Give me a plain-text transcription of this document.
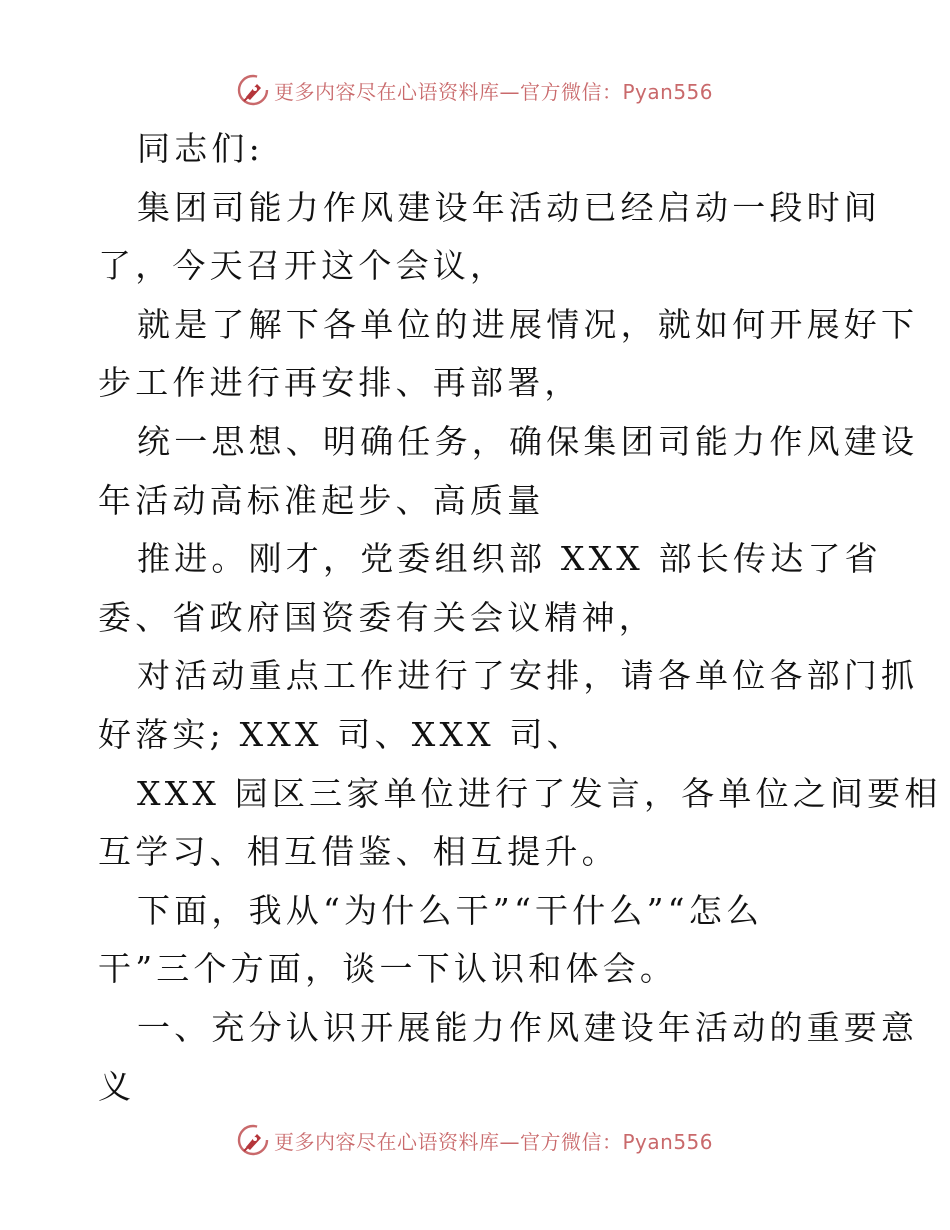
更多内容尽在心语资料库—官方微信：Pyan556
同志们:
集团司能力作风建设年活动已经启动一段时间
了，今天召开这个会议，
就是了解下各单位的进展情况，就如何开展好下
步工作进行再安排、再部署，
统一思想、明确任务，确保集团司能力作风建设
年活动高标准起步、高质量
推进。刚才，党委组织部 XXX 部长传达了省
委、省政府国资委有关会议精神，
对活动重点工作进行了安排，请各单位各部门抓
好落实; XXX 司、XXX 司、
XXX 园区三家单位进行了发言，各单位之间要相
互学习、相互借鉴、相互提升。
下面，我从“为什么干”“干什么”“怎么
干”三个方面，谈一下认识和体会。
一、充分认识开展能力作风建设年活动的重要意
义
更多内容尽在心语资料库—官方微信：Pyan556
